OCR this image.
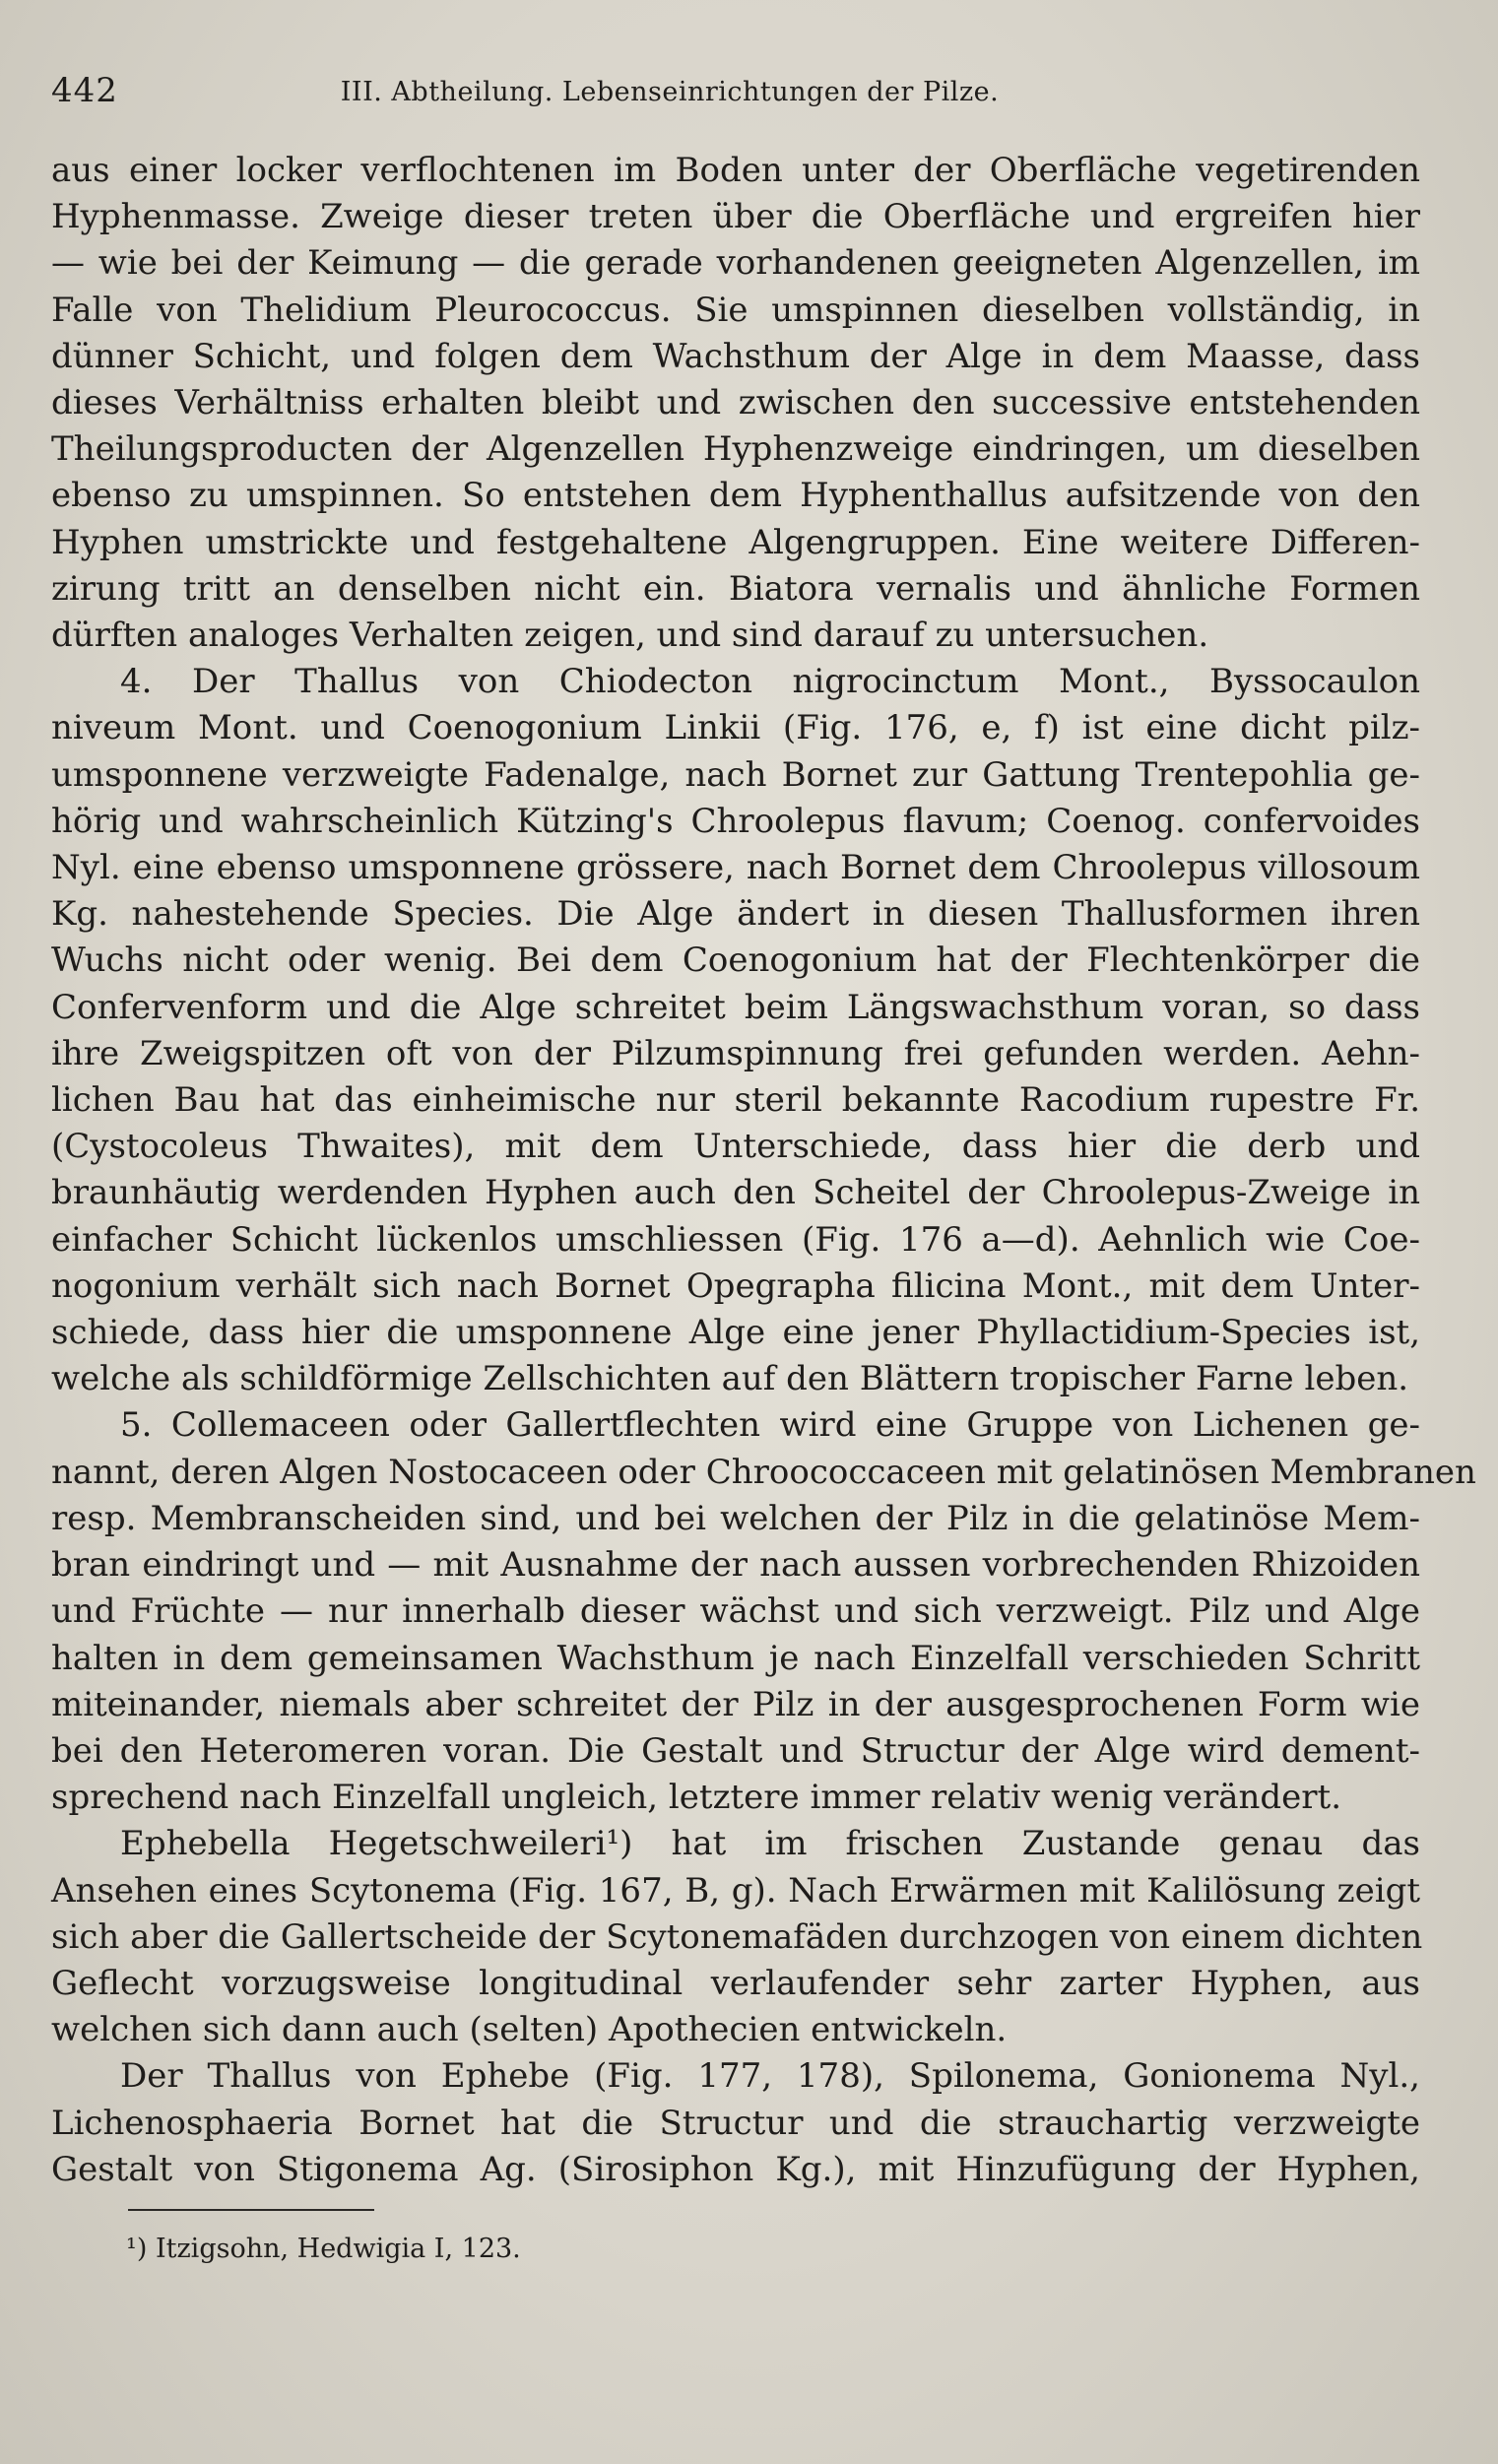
442	III. Abtheilung. Lebenseinrichtungen der Pilze.
aus einer locker verflochtenen im Boden unter der Oberfläche vegetirenden
Hyphenmasse. Zweige dieser treten über die Oberfläche und ergreifen hier
— wie bei der Keimung — die gerade vorhandenen geeigneten Algenzellen, im
Falle von Thelidium Pleurococcus. Sie umspinnen dieselben vollständig, in
dünner Schicht, und folgen dem Wachsthum der Alge in dem Maasse, dass
dieses Verhältniss erhalten bleibt und zwischen den successive entstehenden
Theilungsproducten der Algenzellen Hyphenzweige eindringen, um dieselben
ebenso zu umspinnen. So entstehen dem Hyphenthallus aufsitzende von den
Hyphen umstrickte und festgehaltene Algengruppen. Eine weitere Differen-
zirung tritt an denselben nicht ein. Biatora vernalis und ähnliche Formen
dürften analoges Verhalten zeigen, und sind darauf zu untersuchen.
4. Der Thallus von Chiodecton nigrocinctum Mont., Byssocaulon
niveum Mont. und Coenogonium Linkii (Fig. 176, e, f) ist eine dicht pilz-
umsponnene verzweigte Fadenalge, nach Bornet zur Gattung Trentepohlia ge-
hörig und wahrscheinlich Kützing's Chroolepus flavum; Coenog. confervoides
Nyl. eine ebenso umsponnene grössere, nach Bornet dem Chroolepus villosoum
Kg. nahestehende Species. Die Alge ändert in diesen Thallusformen ihren
Wuchs nicht oder wenig. Bei dem Coenogonium hat der Flechtenkörper die
Confervenform und die Alge schreitet beim Längswachsthum voran, so dass
ihre Zweigspitzen oft von der Pilzumspinnung frei gefunden werden. Aehn-
lichen Bau hat das einheimische nur steril bekannte Racodium rupestre Fr.
(Cystocoleus Thwaites), mit dem Unterschiede, dass hier die derb und
braunhäutig werdenden Hyphen auch den Scheitel der Chroolepus-Zweige in
einfacher Schicht lückenlos umschliessen (Fig. 176 a—d). Aehnlich wie Coe-
nogonium verhält sich nach Bornet Opegrapha filicina Mont., mit dem Unter-
schiede, dass hier die umsponnene Alge eine jener Phyllactidium-Species ist,
welche als schildförmige Zellschichten auf den Blättern tropischer Farne leben.
5. Collemaceen oder Gallertflechten wird eine Gruppe von Lichenen ge-
nannt, deren Algen Nostocaceen oder Chroococcaceen mit gelatinösen Membranen
resp. Membranscheiden sind, und bei welchen der Pilz in die gelatinöse Mem-
bran eindringt und — mit Ausnahme der nach aussen vorbrechenden Rhizoiden
und Früchte — nur innerhalb dieser wächst und sich verzweigt. Pilz und Alge
halten in dem gemeinsamen Wachsthum je nach Einzelfall verschieden Schritt
miteinander, niemals aber schreitet der Pilz in der ausgesprochenen Form wie
bei den Heteromeren voran. Die Gestalt und Structur der Alge wird dement-
sprechend nach Einzelfall ungleich, letztere immer relativ wenig verändert.
Ephebella Hegetschweileri¹) hat im frischen Zustande genau das
Ansehen eines Scytonema (Fig. 167, B, g). Nach Erwärmen mit Kalilösung zeigt
sich aber die Gallertscheide der Scytonemafäden durchzogen von einem dichten
Geflecht vorzugsweise longitudinal verlaufender sehr zarter Hyphen, aus
welchen sich dann auch (selten) Apothecien entwickeln.
Der Thallus von Ephebe (Fig. 177, 178), Spilonema, Gonionema Nyl.,
Lichenosphaeria Bornet hat die Structur und die strauchartig verzweigte
Gestalt von Stigonema Ag. (Sirosiphon Kg.), mit Hinzufügung der Hyphen,
¹) Itzigsohn, Hedwigia I, 123.
